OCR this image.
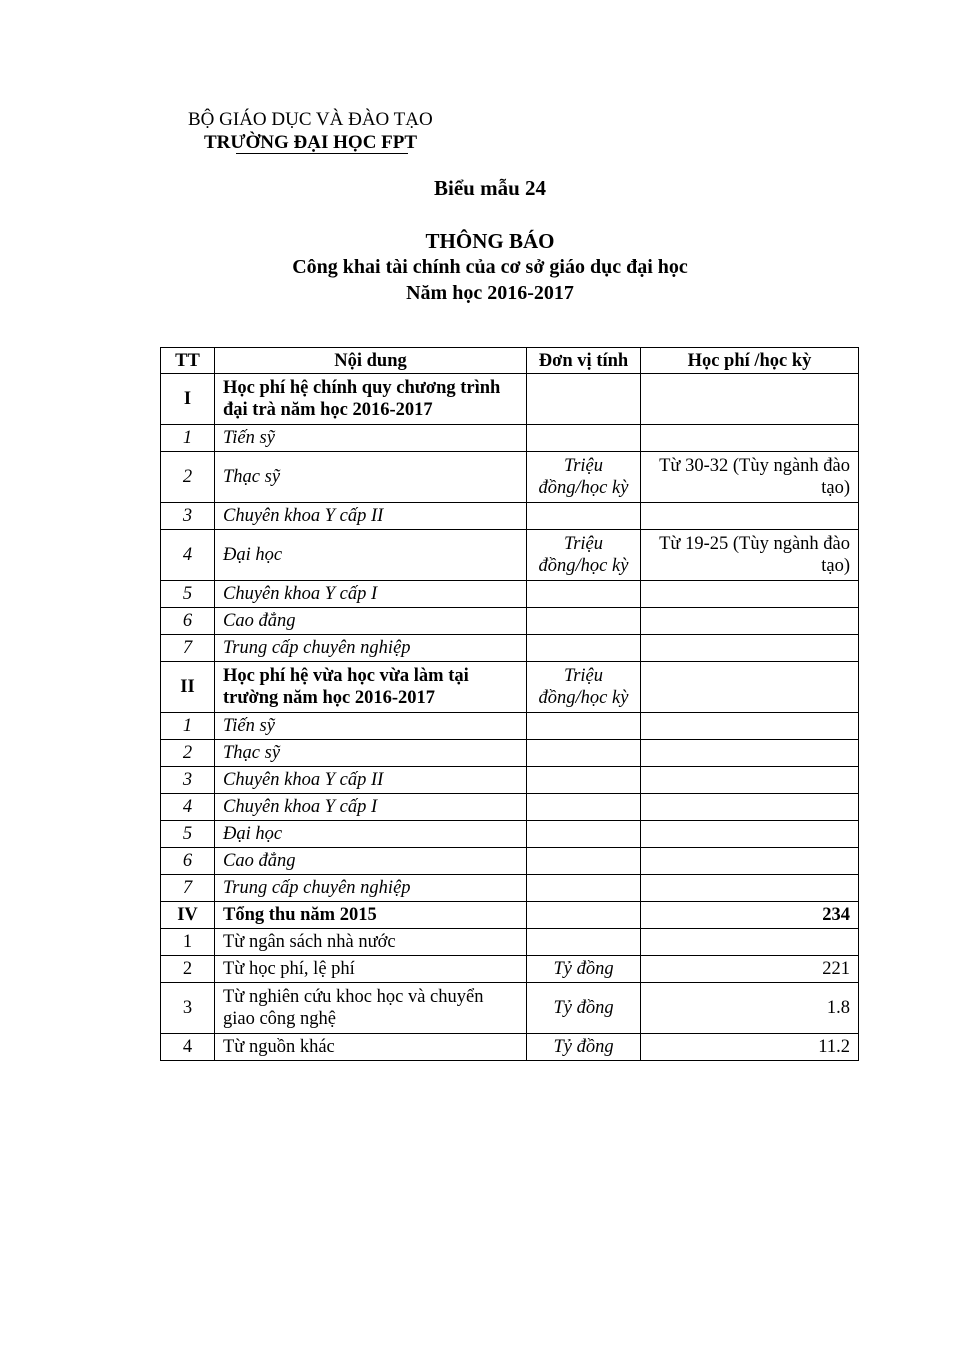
BỘ GIÁO DỤC VÀ ĐÀO TẠO
TRƯỜNG ĐẠI HỌC FPT
Biểu mẫu 24
THÔNG BÁO
Công khai tài chính của cơ sở giáo dục đại học
Năm học 2016-2017
TT	Nội dung	Đơn vị tính	Học phí /học kỳ
I	Học phí hệ chính quy chương trình đại trà năm học 2016-2017		
1	Tiến sỹ		
2	Thạc sỹ	Triệu đồng/học kỳ	Từ 30-32 (Tùy ngành đào tạo)
3	Chuyên khoa Y cấp II		
4	Đại học	Triệu đồng/học kỳ	Từ 19-25 (Tùy ngành đào tạo)
5	Chuyên khoa Y cấp I		
6	Cao đẳng		
7	Trung cấp chuyên nghiệp		
II	Học phí hệ vừa học vừa làm tại trường năm học 2016-2017	Triệu đồng/học kỳ	
1	Tiến sỹ		
2	Thạc sỹ		
3	Chuyên khoa Y cấp II		
4	Chuyên khoa Y cấp I		
5	Đại học		
6	Cao đẳng		
7	Trung cấp chuyên nghiệp		
IV	Tổng thu năm 2015		234
1	Từ ngân sách nhà nước		
2	Từ học phí, lệ phí	Tỷ đồng	221
3	Từ nghiên cứu khoc học và chuyển giao công nghệ	Tỷ đồng	1.8
4	Từ nguồn khác	Tỷ đồng	11.2
